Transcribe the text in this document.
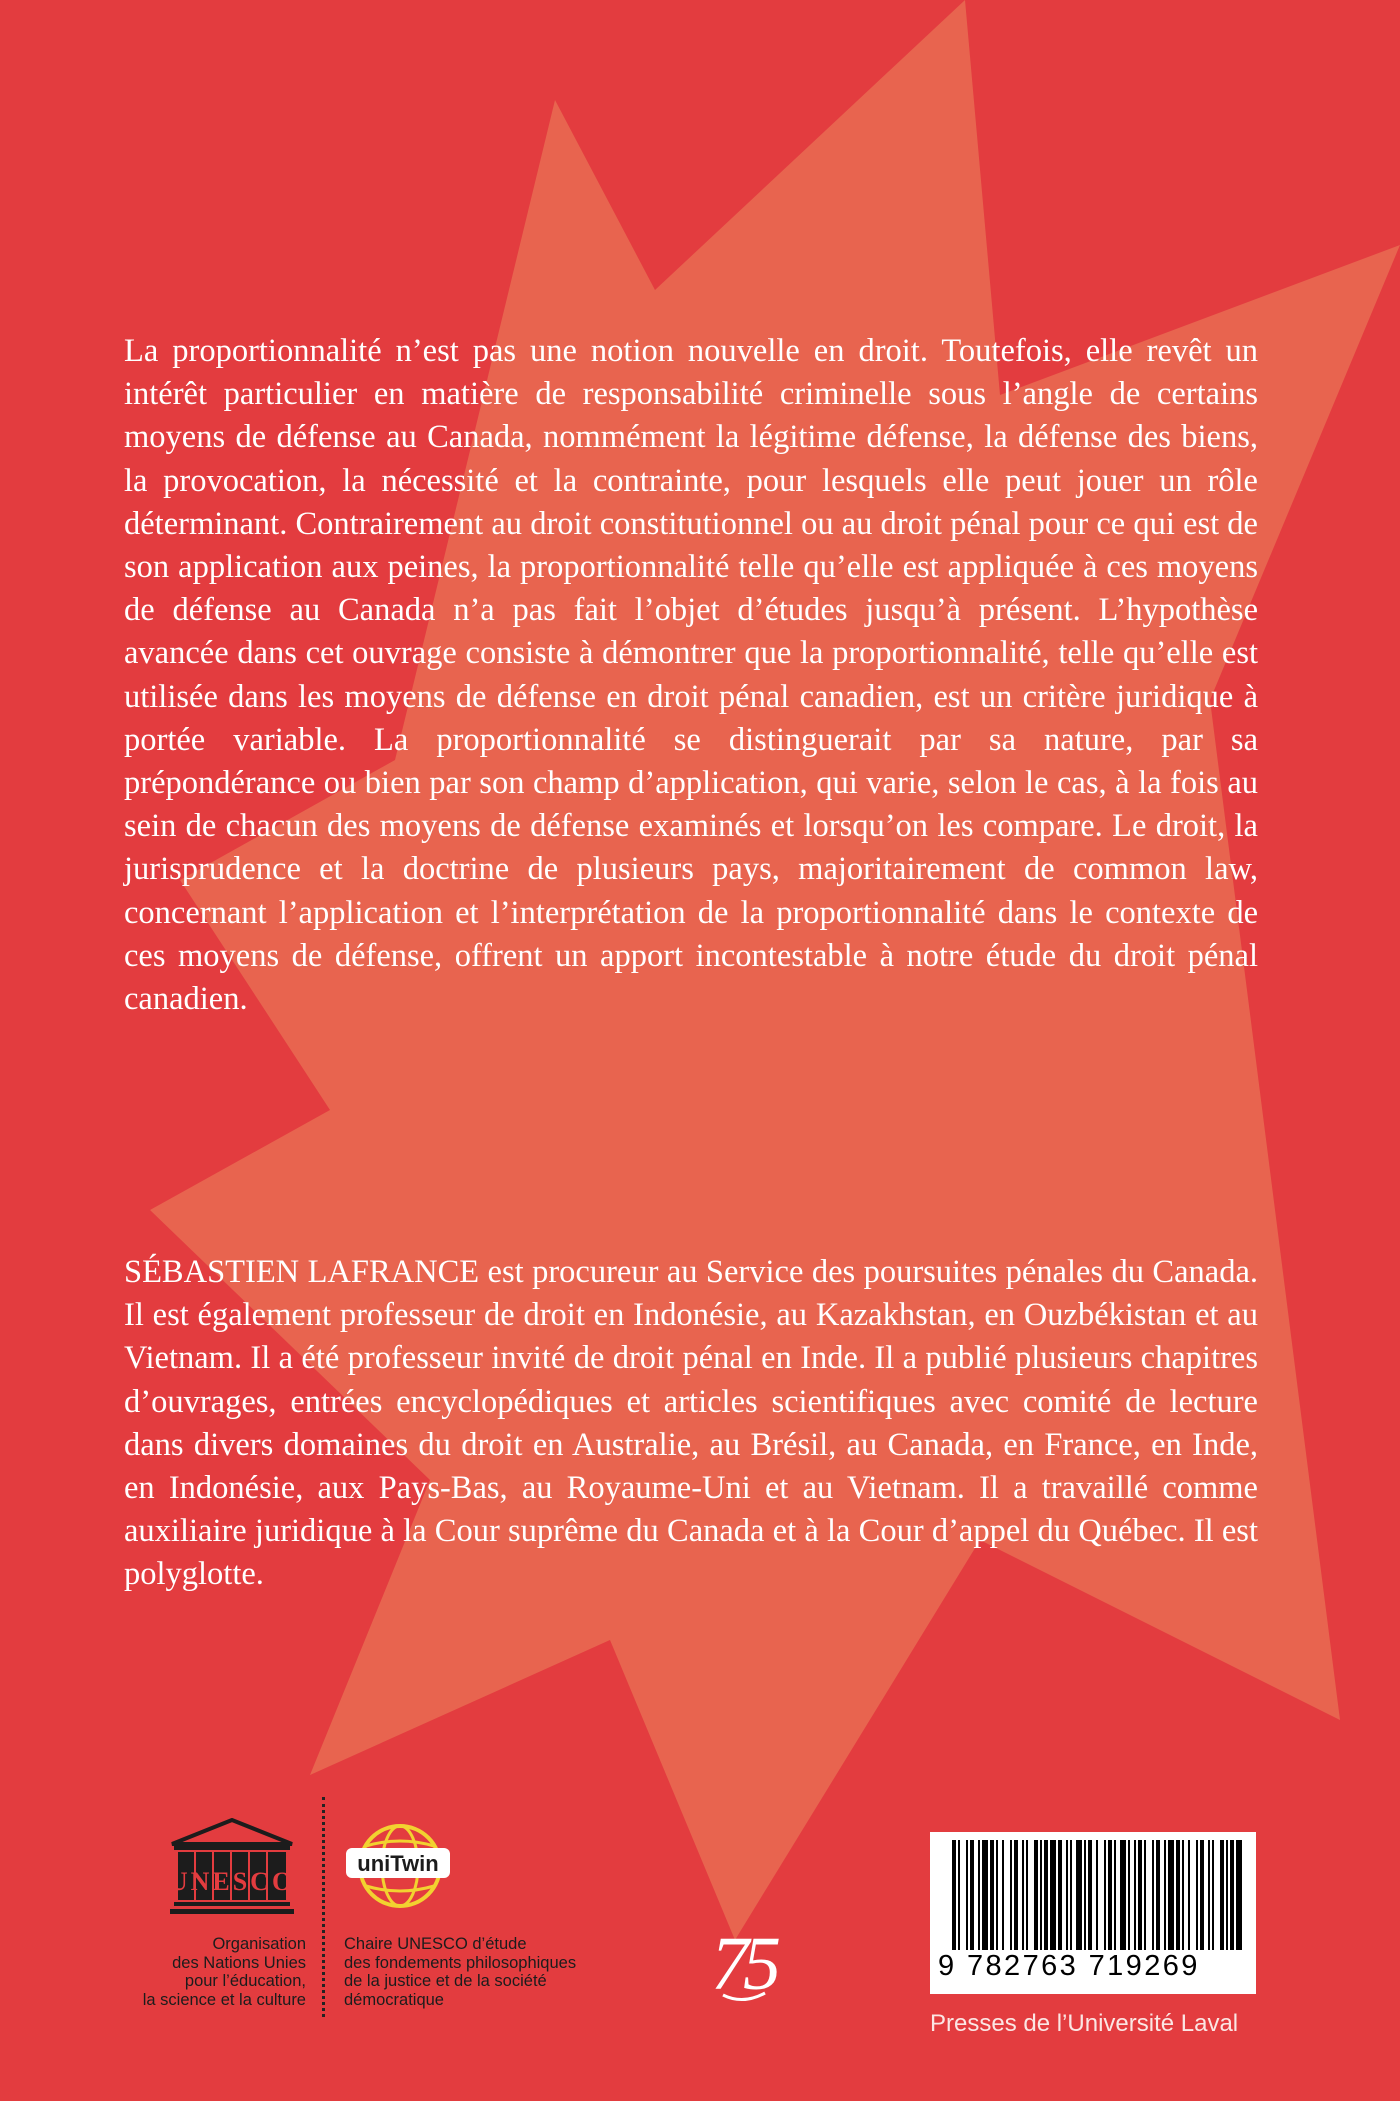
La proportionnalité n’est pas une notion nouvelle en droit. Toutefois, elle revêt un intérêt particulier en matière de responsabilité criminelle sous l’angle de certains moyens de défense au Canada, nommément la légitime défense, la défense des biens, la provocation, la nécessité et la contrainte, pour lesquels elle peut jouer un rôle déterminant. Contrairement au droit constitutionnel ou au droit pénal pour ce qui est de son application aux peines, la proportionnalité telle qu’elle est appliquée à ces moyens de défense au Canada n’a pas fait l’objet d’études jusqu’à présent. L’hypothèse avancée dans cet ouvrage consiste à démontrer que la proportionnalité, telle qu’elle est utilisée dans les moyens de défense en droit pénal canadien, est un critère juridique à portée variable. La proportionnalité se distinguerait par sa nature, par sa prépondérance ou bien par son champ d’application, qui varie, selon le cas, à la fois au sein de chacun des moyens de défense examinés et lorsqu’on les compare. Le droit, la jurisprudence et la doctrine de plusieurs pays, majoritairement de common law, concernant l’application et l’interprétation de la proportionnalité dans le contexte de ces moyens de défense, offrent un apport incontestable à notre étude du droit pénal canadien.

SÉBASTIEN LAFRANCE est procureur au Service des poursuites pénales du Canada. Il est également professeur de droit en Indonésie, au Kazakhstan, en Ouzbékistan et au Vietnam. Il a été professeur invité de droit pénal en Inde. Il a publié plusieurs chapitres d’ouvrages, entrées encyclopédiques et articles scientifiques avec comité de lecture dans divers domaines du droit en Australie, au Brésil, au Canada, en France, en Inde, en Indonésie, aux Pays-Bas, au Royaume-Uni et au Vietnam. Il a travaillé comme auxiliaire juridique à la Cour suprême du Canada et à la Cour d’appel du Québec. Il est polyglotte.

UNESCO
Organisation
des Nations Unies
pour l’éducation,
la science et la culture
uniTwin
Chaire UNESCO d’étude
des fondements philosophiques
de la justice et de la société
démocratique	75	9 782763 719269
Presses de l’Université Laval
